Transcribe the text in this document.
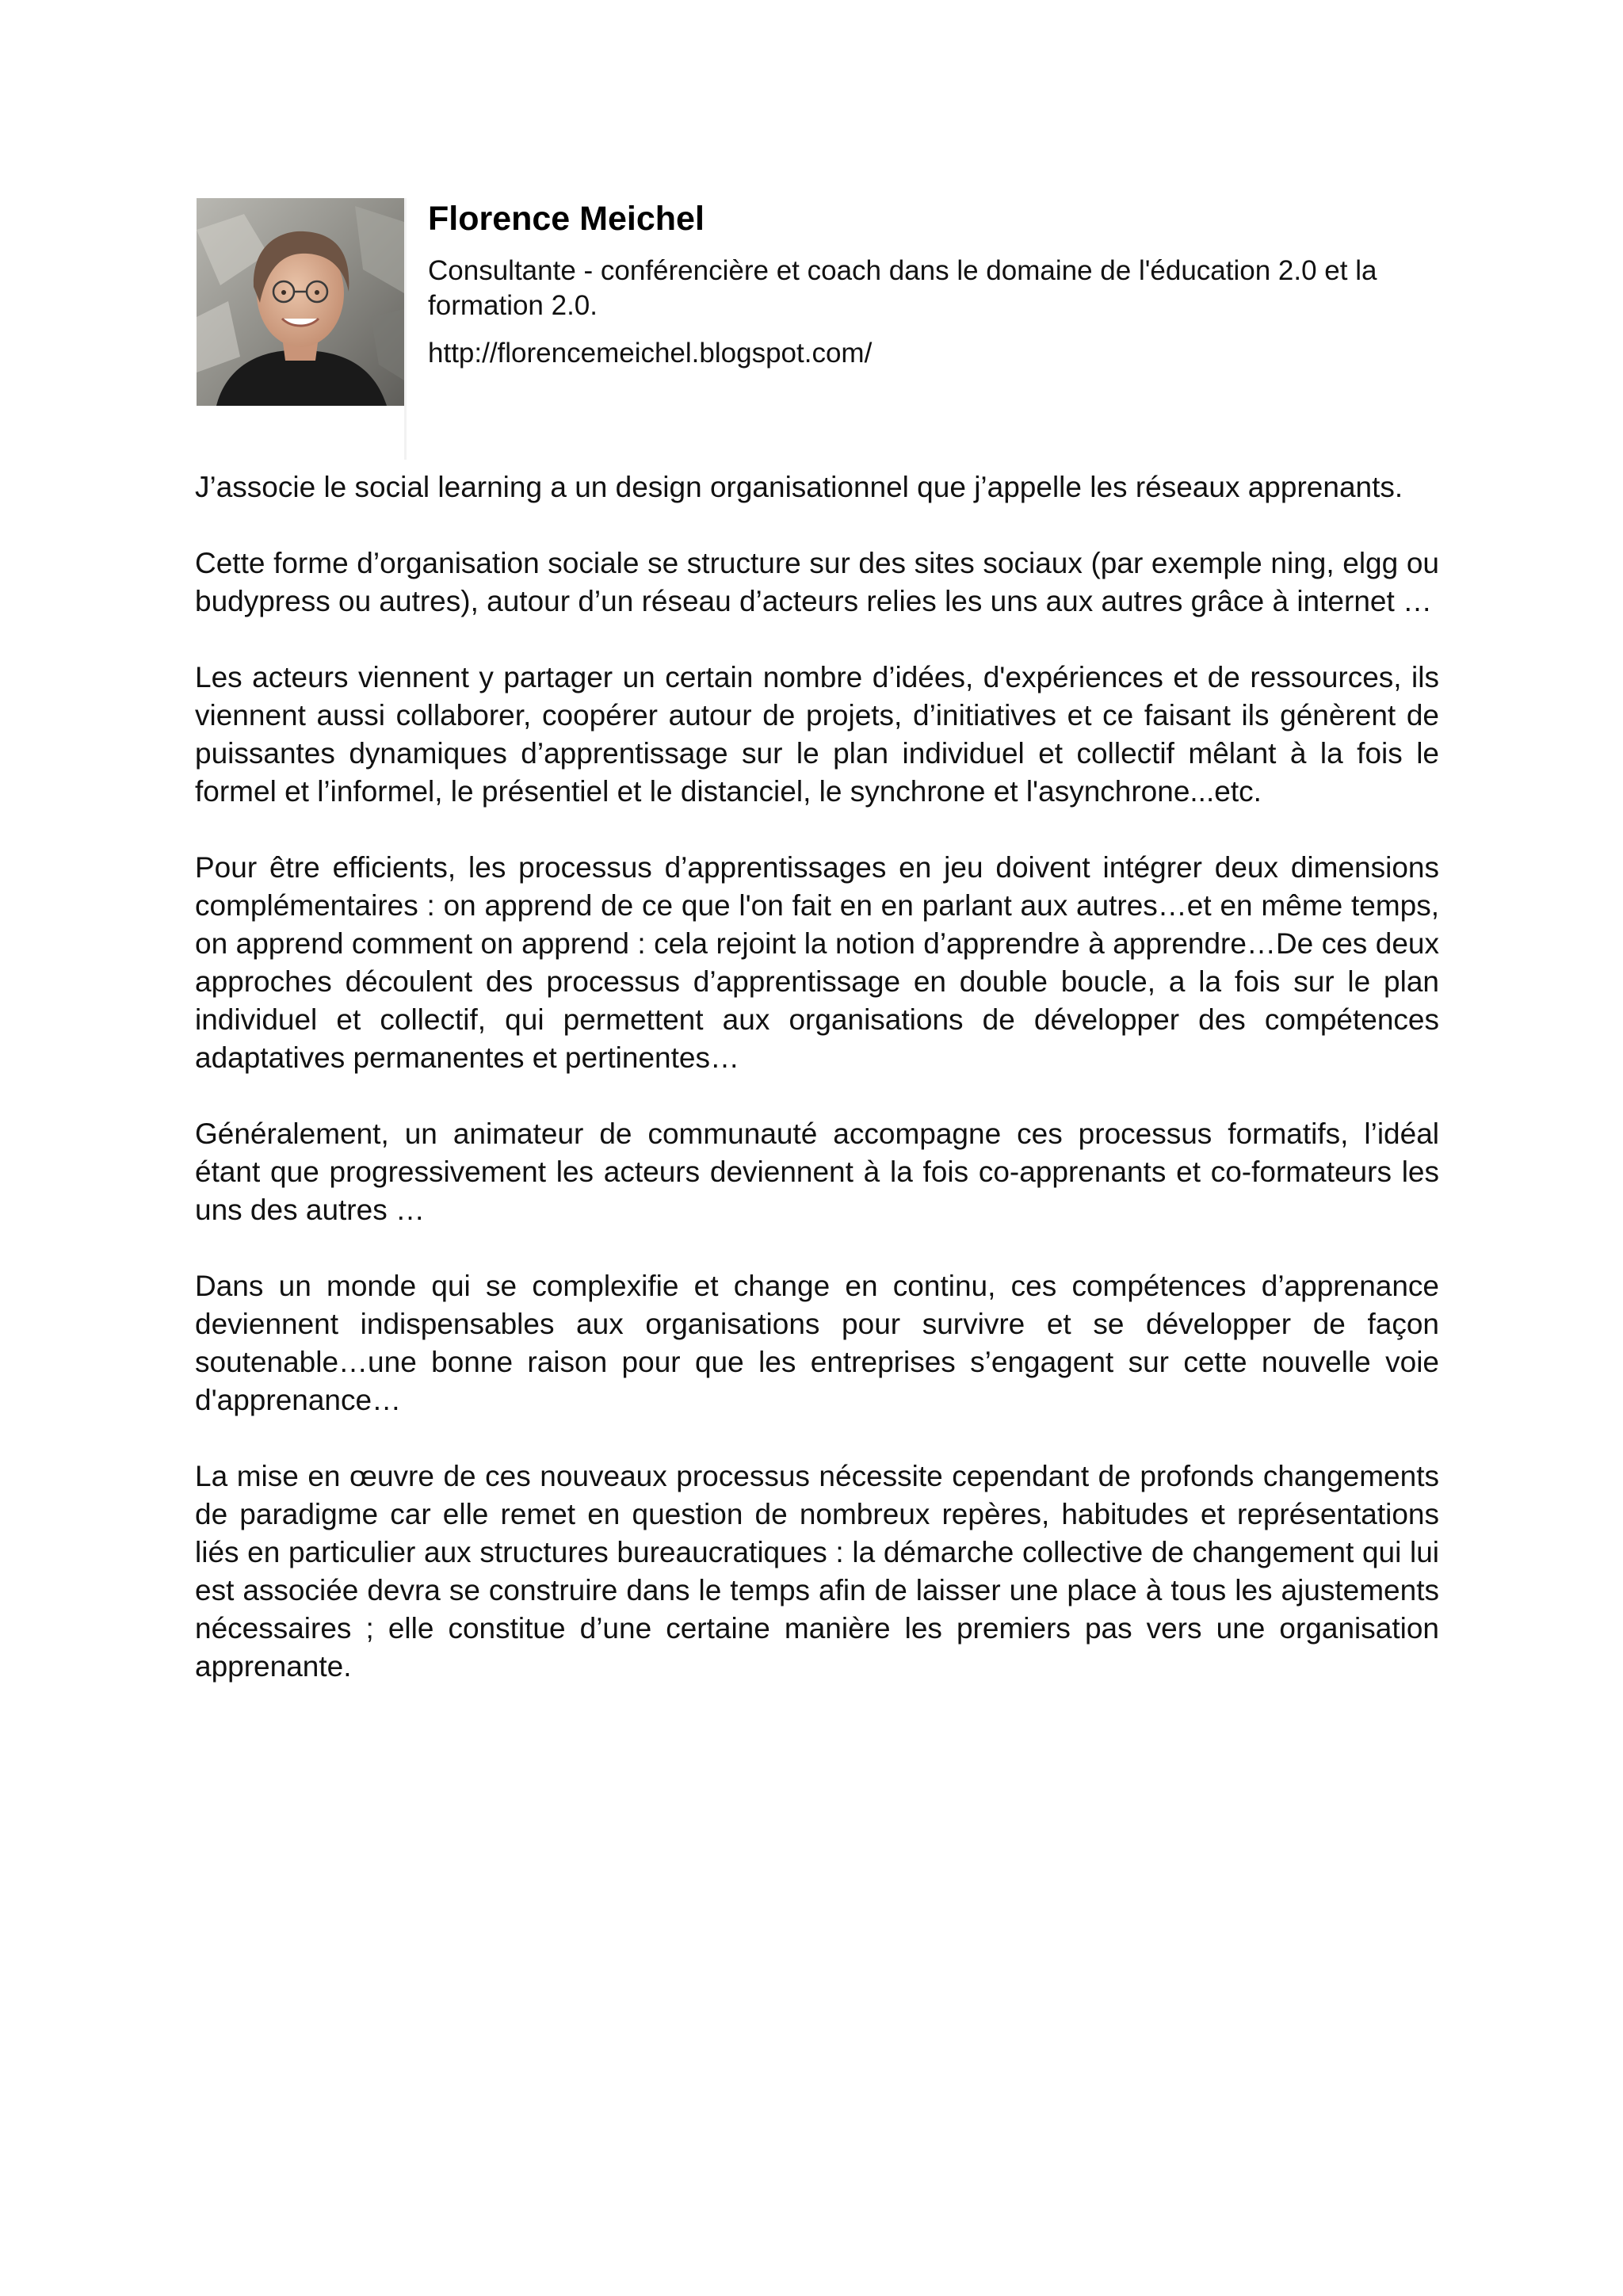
Florence Meichel
Consultante - conférencière et coach dans le domaine de l'éducation 2.0 et la formation 2.0.
http://florencemeichel.blogspot.com/

J’associe le social learning a un design organisationnel que j’appelle les réseaux apprenants.

Cette forme d’organisation sociale se structure sur des sites sociaux (par exemple ning, elgg ou budypress ou autres), autour d’un réseau d’acteurs relies les uns aux autres grâce à internet …

Les acteurs viennent y partager un certain nombre d’idées, d'expériences et de ressources, ils viennent aussi collaborer, coopérer autour de projets, d’initiatives et ce faisant ils génèrent de puissantes dynamiques d’apprentissage sur le plan individuel et collectif mêlant à la fois le formel et l’informel, le présentiel et le distanciel, le synchrone et l'asynchrone...etc.

Pour être efficients, les processus d’apprentissages en jeu doivent intégrer deux dimensions complémentaires : on apprend de ce que l'on fait en en parlant aux autres…et en même temps, on apprend comment on apprend : cela rejoint la notion d’apprendre à apprendre…De ces deux approches découlent des processus d’apprentissage en double boucle, a la fois sur le plan individuel et collectif, qui permettent aux organisations de développer des compétences adaptatives permanentes et pertinentes…

Généralement, un animateur de communauté accompagne ces processus formatifs, l’idéal étant que progressivement les acteurs deviennent à la fois co-apprenants et co-formateurs les uns des autres …

Dans un monde qui se complexifie et change en continu, ces compétences d’apprenance deviennent indispensables aux organisations pour survivre et se développer de façon soutenable…une bonne raison pour que les entreprises s’engagent sur cette nouvelle voie d'apprenance…

La mise en œuvre de ces nouveaux processus nécessite cependant de profonds changements de paradigme car elle remet en question de nombreux repères, habitudes et représentations liés en particulier aux structures bureaucratiques : la démarche collective de changement qui lui est associée devra se construire dans le temps afin de laisser une place à tous les ajustements nécessaires ; elle constitue d’une certaine manière les premiers pas vers une organisation apprenante.
